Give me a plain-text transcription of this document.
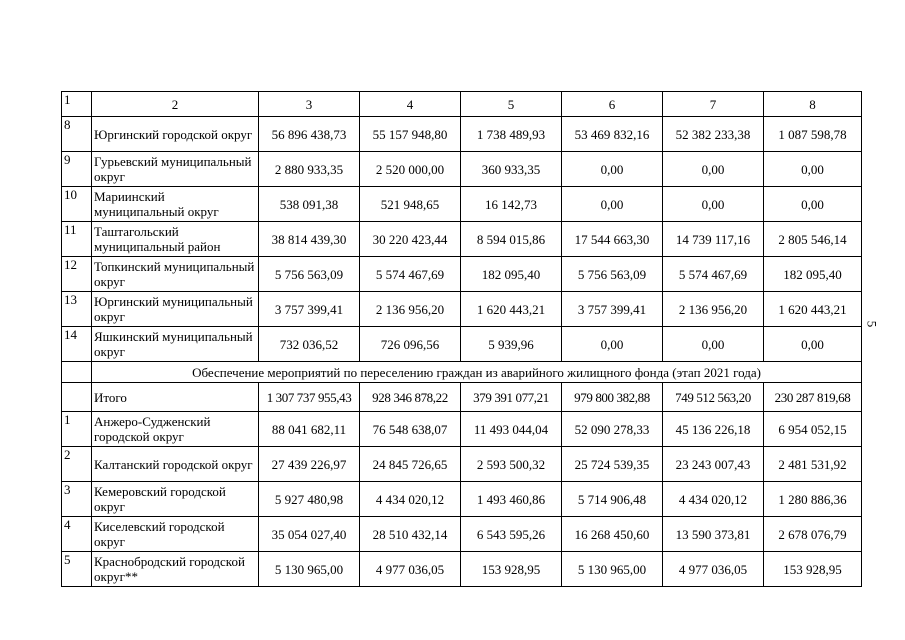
1	2	3	4	5	6	7	8
8	Юргинский городской округ	56 896 438,73	55 157 948,80	1 738 489,93	53 469 832,16	52 382 233,38	1 087 598,78
9	Гурьевский муниципальный округ	2 880 933,35	2 520 000,00	360 933,35	0,00	0,00	0,00
10	Мариинский муниципальный округ	538 091,38	521 948,65	16 142,73	0,00	0,00	0,00
11	Таштагольский муниципальный район	38 814 439,30	30 220 423,44	8 594 015,86	17 544 663,30	14 739 117,16	2 805 546,14
12	Топкинский муниципальный округ	5 756 563,09	5 574 467,69	182 095,40	5 756 563,09	5 574 467,69	182 095,40
13	Юргинский муниципальный округ	3 757 399,41	2 136 956,20	1 620 443,21	3 757 399,41	2 136 956,20	1 620 443,21
14	Яшкинский муниципальный округ	732 036,52	726 096,56	5 939,96	0,00	0,00	0,00
	Обеспечение мероприятий по переселению граждан из аварийного жилищного фонда (этап 2021 года)						
	Итого	1 307 737 955,43	928 346 878,22	379 391 077,21	979 800 382,88	749 512 563,20	230 287 819,68
1	Анжеро-Судженский городской округ	88 041 682,11	76 548 638,07	11 493 044,04	52 090 278,33	45 136 226,18	6 954 052,15
2	Калтанский городской округ	27 439 226,97	24 845 726,65	2 593 500,32	25 724 539,35	23 243 007,43	2 481 531,92
3	Кемеровский городской округ	5 927 480,98	4 434 020,12	1 493 460,86	5 714 906,48	4 434 020,12	1 280 886,36
4	Киселевский городской округ	35 054 027,40	28 510 432,14	6 543 595,26	16 268 450,60	13 590 373,81	2 678 076,79
5	Краснобродский городской округ**	5 130 965,00	4 977 036,05	153 928,95	5 130 965,00	4 977 036,05	153 928,95
5
